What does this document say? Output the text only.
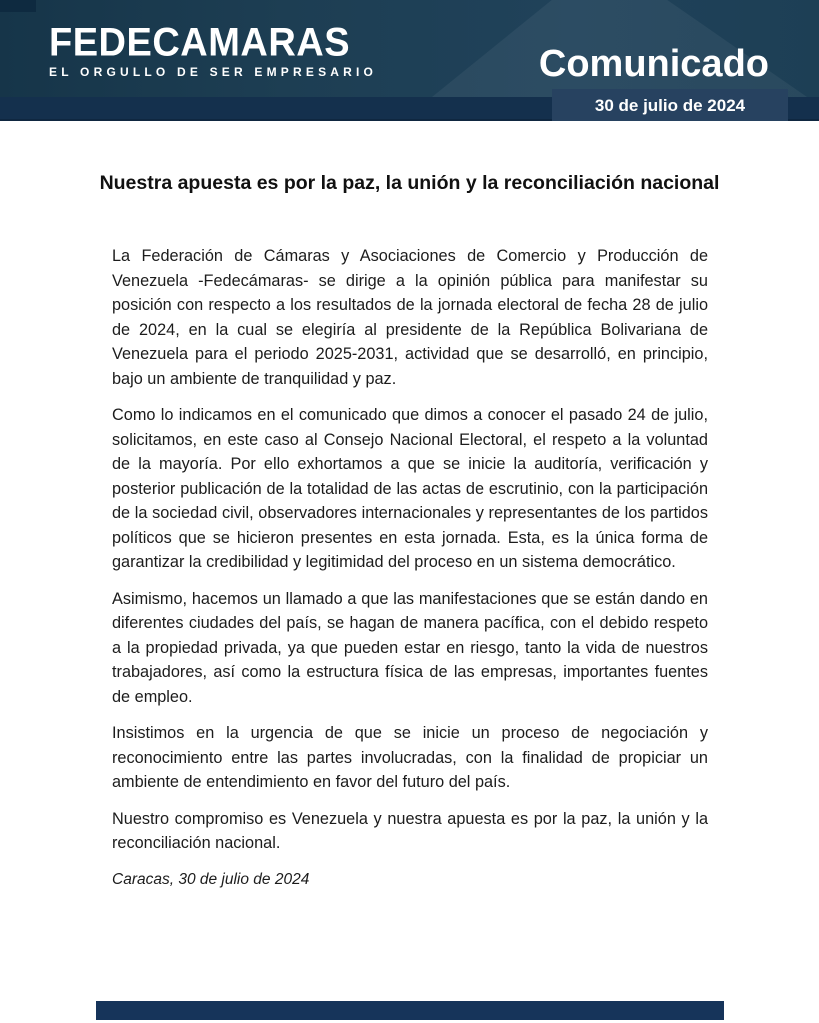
FEDECAMARAS
EL ORGULLO DE SER EMPRESARIO	Comunicado
30 de julio de 2024
Nuestra apuesta es por la paz, la unión y la reconciliación nacional

La Federación de Cámaras y Asociaciones de Comercio y Producción de Venezuela -Fedecámaras- se dirige a la opinión pública para manifestar su posición con respecto a los resultados de la jornada electoral de fecha 28 de julio de 2024, en la cual se elegiría al presidente de la República Bolivariana de Venezuela para el periodo 2025-2031, actividad que se desarrolló, en principio, bajo un ambiente de tranquilidad y paz.

Como lo indicamos en el comunicado que dimos a conocer el pasado 24 de julio, solicitamos, en este caso al Consejo Nacional Electoral, el respeto a la voluntad de la mayoría. Por ello exhortamos a que se inicie la auditoría, verificación y posterior publicación de la totalidad de las actas de escrutinio, con la participación de la sociedad civil, observadores internacionales y representantes de los partidos políticos que se hicieron presentes en esta jornada. Esta, es la única forma de garantizar la credibilidad y legitimidad del proceso en un sistema democrático.

Asimismo, hacemos un llamado a que las manifestaciones que se están dando en diferentes ciudades del país, se hagan de manera pacífica, con el debido respeto a la propiedad privada, ya que pueden estar en riesgo, tanto la vida de nuestros trabajadores, así como la estructura física de las empresas, importantes fuentes de empleo.

Insistimos en la urgencia de que se inicie un proceso de negociación y reconocimiento entre las partes involucradas, con la finalidad de propiciar un ambiente de entendimiento en favor del futuro del país.

Nuestro compromiso es Venezuela y nuestra apuesta es por la paz, la unión y la reconciliación nacional.

Caracas, 30 de julio de 2024
